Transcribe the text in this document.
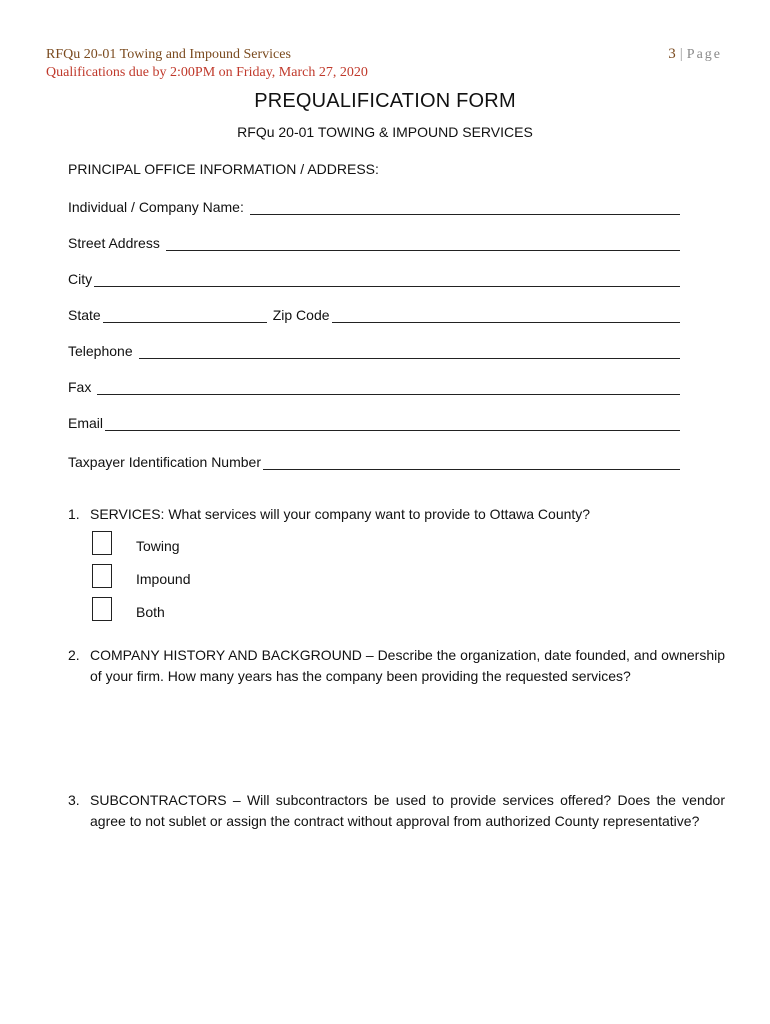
RFQu 20-01 Towing and Impound Services
Qualifications due by 2:00PM on Friday, March 27, 2020
3 | Page
PREQUALIFICATION FORM
RFQu 20-01 TOWING & IMPOUND SERVICES
PRINCIPAL OFFICE INFORMATION / ADDRESS:
Individual / Company Name:
Street Address
City
State	Zip Code
Telephone
Fax
Email
Taxpayer Identification Number
1. SERVICES: What services will your company want to provide to Ottawa County?
Towing
Impound
Both
2. COMPANY HISTORY AND BACKGROUND – Describe the organization, date founded, and ownership of your firm. How many years has the company been providing the requested services?
3. SUBCONTRACTORS – Will subcontractors be used to provide services offered? Does the vendor agree to not sublet or assign the contract without approval from authorized County representative?
